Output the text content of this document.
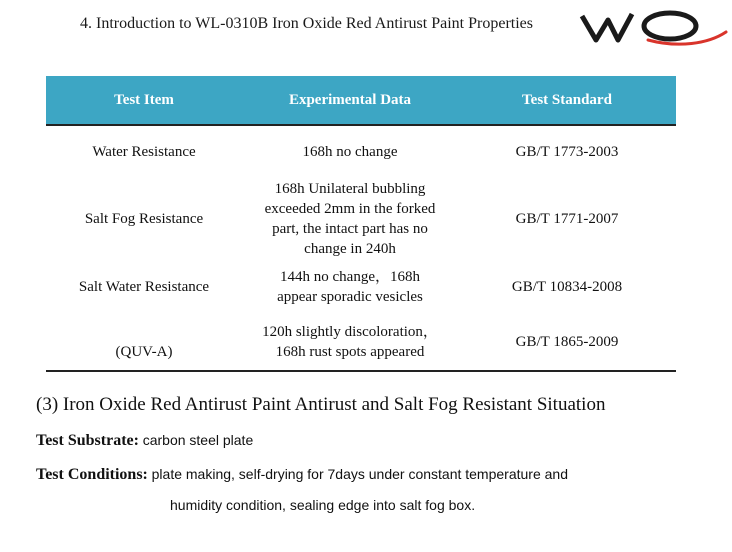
4. Introduction to WL-0310B Iron Oxide Red Antirust Paint Properties
Test Item	Experimental Data	Test Standard
Water Resistance	168h no change	GB/T 1773-2003
Salt Fog Resistance	168h Unilateral bubbling exceeded 2mm in the forked part, the intact part has no change in 240h	GB/T 1771-2007
Salt Water Resistance	144h no change，168h appear sporadic vesicles	GB/T 10834-2008
(QUV-A)	120h slightly discoloration，168h rust spots appeared	GB/T 1865-2009
(3) Iron Oxide Red Antirust Paint Antirust and Salt Fog Resistant Situation
Test Substrate: carbon steel plate
Test Conditions: plate making, self-drying for 7days under constant temperature and
humidity condition, sealing edge into salt fog box.
